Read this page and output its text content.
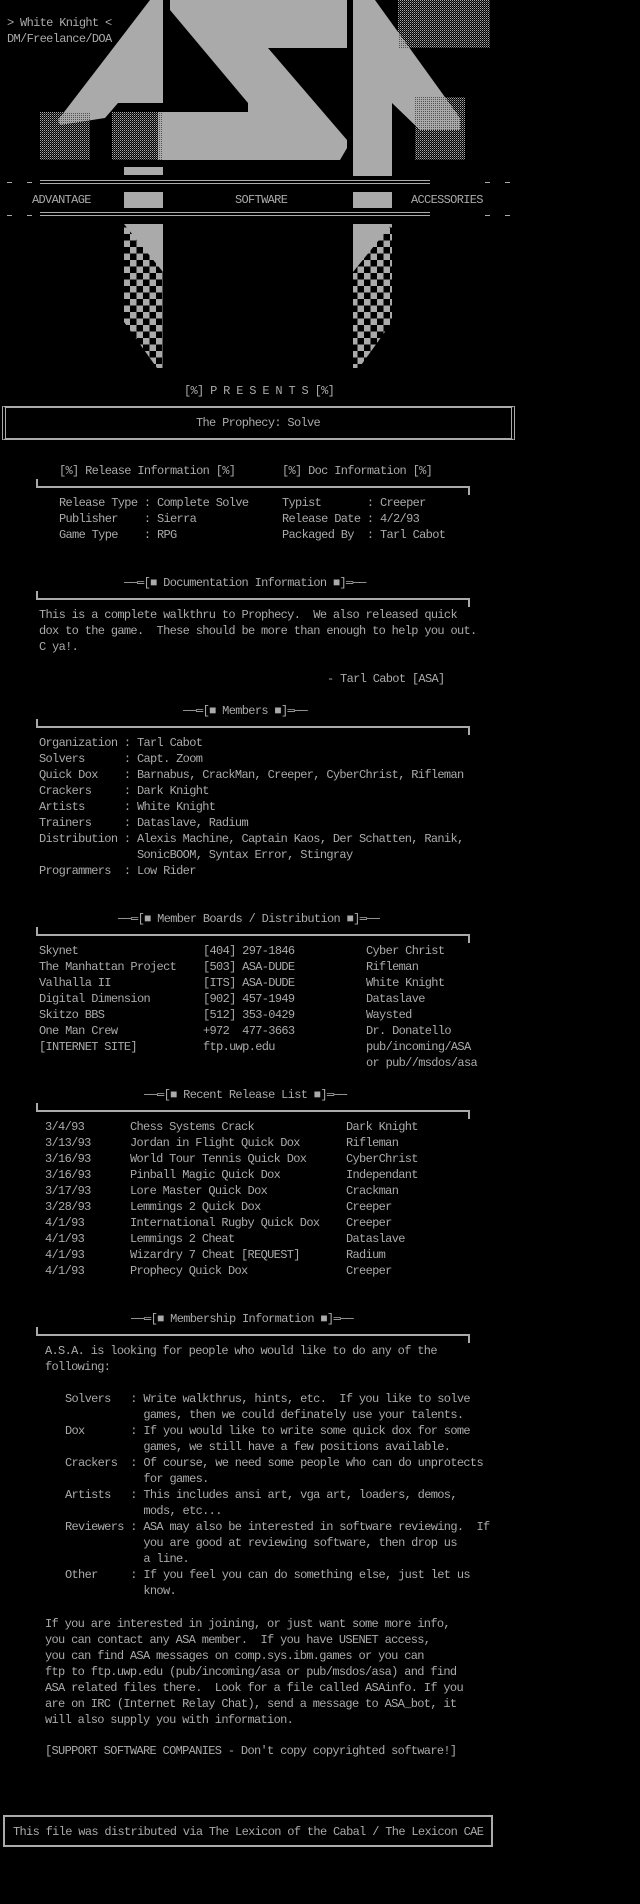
> White Knight <
DM/Freelance/DOA
ADVANTAGE	SOFTWARE	ACCESSORIES
[%] P R E S E N T S [%]
The Prophecy: Solve
[%] Release Information [%]	[%] Doc Information [%]
Release Type : Complete Solve
Publisher    : Sierra
Game Type    : RPG
Typist       : Creeper
Release Date : 4/2/93
Packaged By  : Tarl Cabot
──═[■ Documentation Information ■]═──
This is a complete walkthru to Prophecy.  We also released quick
dox to the game.  These should be more than enough to help you out.
C ya!.
- Tarl Cabot [ASA]
──═[■ Members ■]═──
Organization : Tarl Cabot
Solvers      : Capt. Zoom
Quick Dox    : Barnabus, CrackMan, Creeper, CyberChrist, Rifleman
Crackers     : Dark Knight
Artists      : White Knight
Trainers     : Dataslave, Radium
Distribution : Alexis Machine, Captain Kaos, Der Schatten, Ranik,
SonicBOOM, Syntax Error, Stingray
Programmers  : Low Rider
──═[■ Member Boards / Distribution ■]═──
Skynet	[404] 297-1846	Cyber Christ
The Manhattan Project [503] ASA-DUDE	Rifleman
Valhalla II	[ITS] ASA-DUDE	White Knight
Digital Dimension	[902] 457-1949	Dataslave
Skitzo BBS	[512] 353-0429	Waysted
One Man Crew	+972  477-3663	Dr. Donatello
[INTERNET SITE]	ftp.uwp.edu	pub/incoming/ASA
or pub//msdos/asa
──═[■ Recent Release List ■]═──
3/4/93	Chess Systems Crack	Dark Knight
3/13/93	Jordan in Flight Quick Dox	Rifleman
3/16/93	World Tour Tennis Quick Dox	CyberChrist
3/16/93	Pinball Magic Quick Dox	Independant
3/17/93	Lore Master Quick Dox	Crackman
3/28/93	Lemmings 2 Quick Dox	Creeper
4/1/93	International Rugby Quick Dox Creeper
4/1/93	Lemmings 2 Cheat	Dataslave
4/1/93	Wizardry 7 Cheat [REQUEST]	Radium
4/1/93	Prophecy Quick Dox	Creeper
──═[■ Membership Information ■]═──
A.S.A. is looking for people who would like to do any of the
following:
Solvers   : Write walkthrus, hints, etc.  If you like to solve
games, then we could definately use your talents.
Dox       : If you would like to write some quick dox for some
games, we still have a few positions available.
Crackers  : Of course, we need some people who can do unprotects
for games.
Artists   : This includes ansi art, vga art, loaders, demos,
mods, etc...
Reviewers : ASA may also be interested in software reviewing.  If
you are good at reviewing software, then drop us
a line.
Other     : If you feel you can do something else, just let us
know.
If you are interested in joining, or just want some more info,
you can contact any ASA member.  If you have USENET access,
you can find ASA messages on comp.sys.ibm.games or you can
ftp to ftp.uwp.edu (pub/incoming/asa or pub/msdos/asa) and find
ASA related files there.  Look for a file called ASAinfo. If you
are on IRC (Internet Relay Chat), send a message to ASA_bot, it
will also supply you with information.
[SUPPORT SOFTWARE COMPANIES - Don't copy copyrighted software!]
This file was distributed via The Lexicon of the Cabal / The Lexicon CAE
